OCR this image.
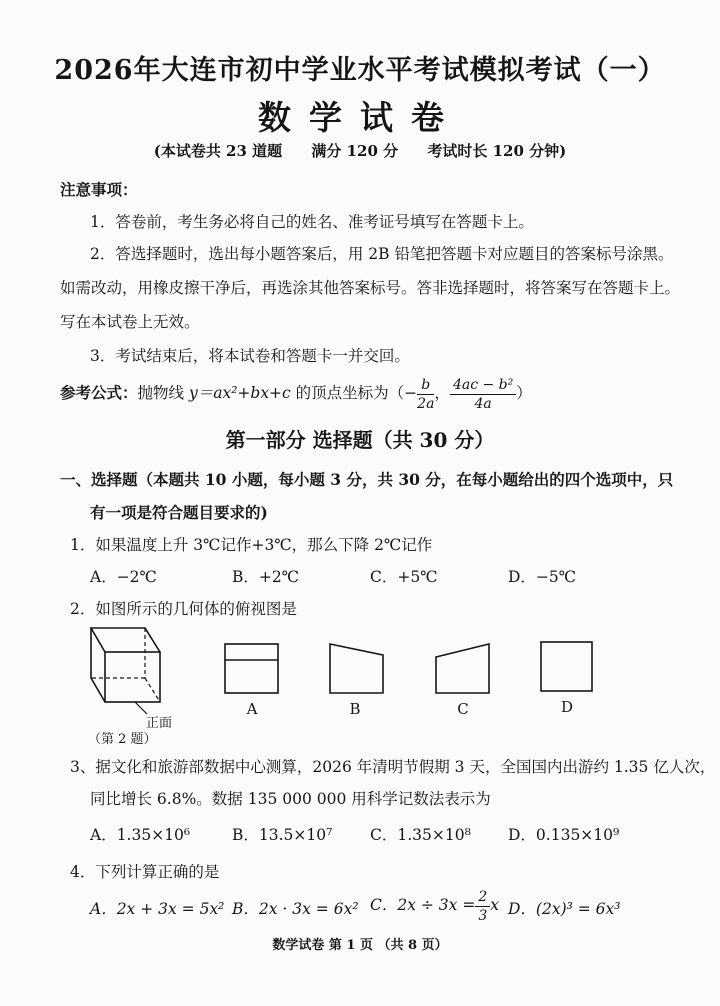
2026年大连市初中学业水平考试模拟考试（一）
数学试卷
(本试卷共 23 道题 满分 120 分 考试时长 120 分钟)
注意事项：
1．答卷前，考生务必将自己的姓名、准考证号填写在答题卡上。
2．答选择题时，选出每小题答案后，用 2B 铅笔把答题卡对应题目的答案标号涂黑。
如需改动，用橡皮擦干净后，再选涂其他答案标号。答非选择题时，将答案写在答题卡上。
写在本试卷上无效。
3．考试结束后，将本试卷和答题卡一并交回。
参考公式：抛物线 y＝ax²+bx+c 的顶点坐标为（− $\frac{b}{2a}$ ， $\frac{\text{4ac − b²}}{4a}$ ）
第一部分 选择题（共 30 分）
一、选择题（本题共 10 小题，每小题 3 分，共 30 分，在每小题给出的四个选项中，只
有一项是符合题目要求的)
1．如果温度上升 3℃记作+3℃，那么下降 2℃记作
A．−2℃	B．+2℃	C．+5℃	D．−5℃
2．如图所示的几何体的俯视图是
正面
（第 2 题）
A	B	C	D
3、据文化和旅游部数据中心测算，2026 年清明节假期 3 天，全国国内出游约 1.35 亿人次，
同比增长 6.8%。数据 135 000 000 用科学记数法表示为
A．1.35×10⁶	B．13.5×10⁷ C．1.35×10⁸ D．0.135×10⁹
4．下列计算正确的是
A．2x + 3x = 5x² B．2x · 3x = 6x² C．$2x \div 3x = \frac{2}{3}$ x D．(2x)³ = 6x³
数学试卷 第 1 页 （共 8 页）
